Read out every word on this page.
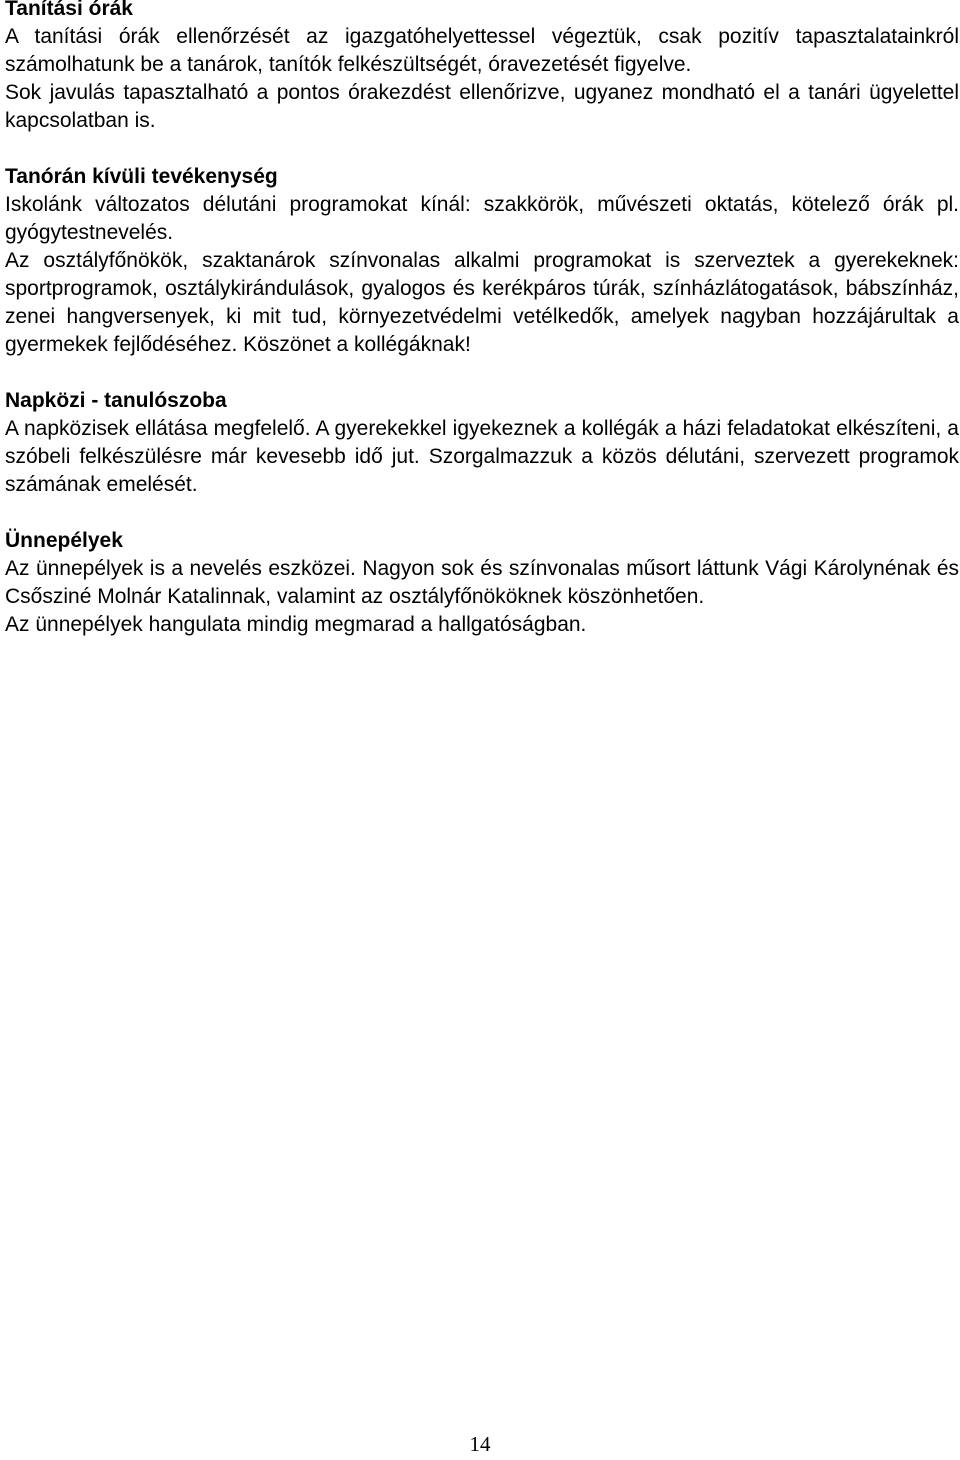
Tanítási órák

A tanítási órák ellenőrzését az igazgatóhelyettessel végeztük, csak pozitív tapasztalatainkról számolhatunk be a tanárok, tanítók felkészültségét, óravezetését figyelve.

Sok javulás tapasztalható a pontos órakezdést ellenőrizve, ugyanez mondható el a tanári ügyelettel kapcsolatban is.

Tanórán kívüli tevékenység

Iskolánk változatos délutáni programokat kínál: szakkörök, művészeti oktatás, kötelező órák pl. gyógytestnevelés.

Az osztályfőnökök, szaktanárok színvonalas alkalmi programokat is szerveztek a gyerekeknek: sportprogramok, osztálykirándulások, gyalogos és kerékpáros túrák, színházlátogatások, bábszínház, zenei hangversenyek, ki mit tud, környezetvédelmi vetélkedők, amelyek nagyban hozzájárultak a gyermekek fejlődéséhez. Köszönet a kollégáknak!

Napközi - tanulószoba

A napközisek ellátása megfelelő. A gyerekekkel igyekeznek a kollégák a házi feladatokat elkészíteni, a szóbeli felkészülésre már kevesebb idő jut. Szorgalmazzuk a közös délutáni, szervezett programok számának emelését.

Ünnepélyek

Az ünnepélyek is a nevelés eszközei. Nagyon sok és színvonalas műsort láttunk Vági Károlynénak és Csősziné Molnár Katalinnak, valamint az osztályfőnököknek köszönhetően.

Az ünnepélyek hangulata mindig megmarad a hallgatóságban.

14
